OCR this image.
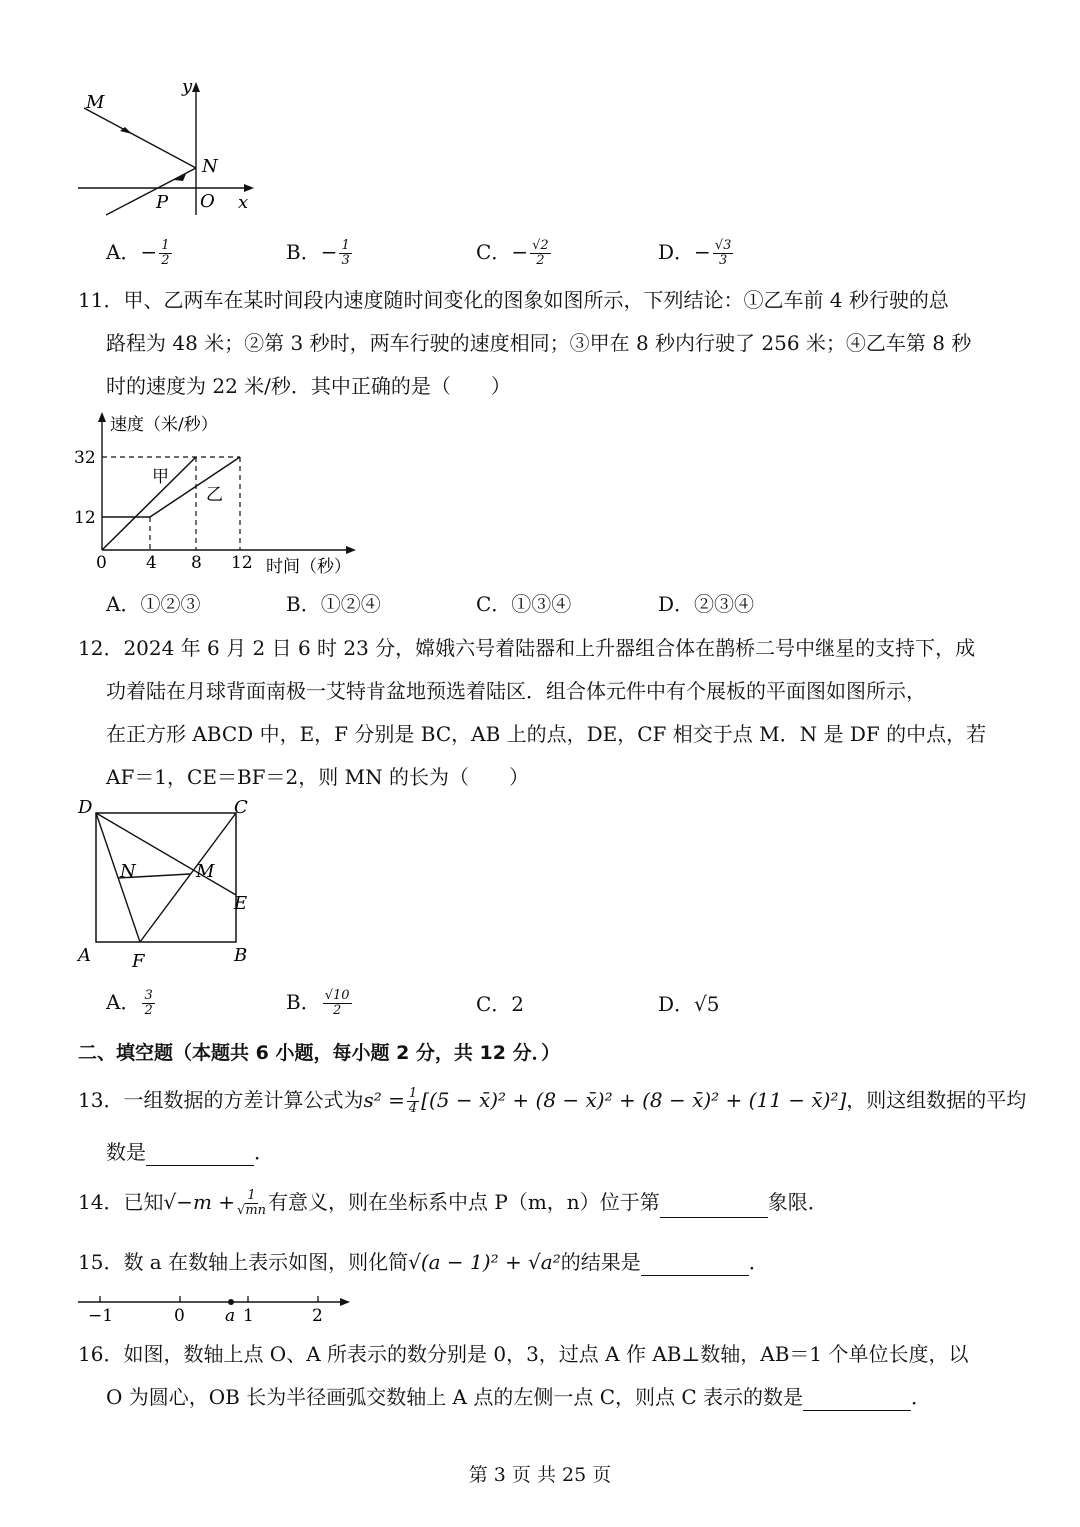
M
y
N
O
P	x
A．− $\frac{1}{2}$	B．− $\frac{1}{3}$	C．− $\frac{√2}{2}$	D．− $\frac{√3}{3}$
11．甲、乙两车在某时间段内速度随时间变化的图象如图所示，下列结论：①乙车前 4 秒行驶的总
路程为 48 米；②第 3 秒时，两车行驶的速度相同；③甲在 8 秒内行驶了 256 米；④乙车第 8 秒
时的速度为 22 米/秒．其中正确的是（　　）
速度（米/秒）
32
12
0 4 8 12 时间（秒）
甲
乙
A．①②③	B．①②④	C．①③④	D．②③④
12．2024 年 6 月 2 日 6 时 23 分，嫦娥六号着陆器和上升器组合体在鹊桥二号中继星的支持下，成
功着陆在月球背面南极一艾特肯盆地预选着陆区．组合体元件中有个展板的平面图如图所示，
在正方形 ABCD 中，E，F 分别是 BC，AB 上的点，DE，CF 相交于点 M．N 是 DF 的中点，若
AF＝1，CE＝BF＝2，则 MN 的长为（　　）
D	C
N	M
E
A F	B
A． $\frac{3}{2}$	B． $\frac{√10}{2}$	C．2	D．√5
二、填空题（本题共 6 小题，每小题 2 分，共 12 分．）
13．一组数据的方差计算公式为$s^2 = \frac{1}{4} [(5$ − x̄)² + (8 − x̄)² + (8 − x̄)² + (11 − x̄)²]，则这组数据的平均
数是	．
14．已知$√-m + \frac{1}{√mn}$ 有意义，则在坐标系中点 P（m，n）位于第	象限．
15．数 a 在数轴上表示如图，则化简√(a − 1)² + √a²的结果是	．
−1	0 a 1	2
16．如图，数轴上点 O、A 所表示的数分别是 0，3，过点 A 作 AB⊥数轴，AB＝1 个单位长度，以
O 为圆心，OB 长为半径画弧交数轴上 A 点的左侧一点 C，则点 C 表示的数是	．
第 3 页 共 25 页
